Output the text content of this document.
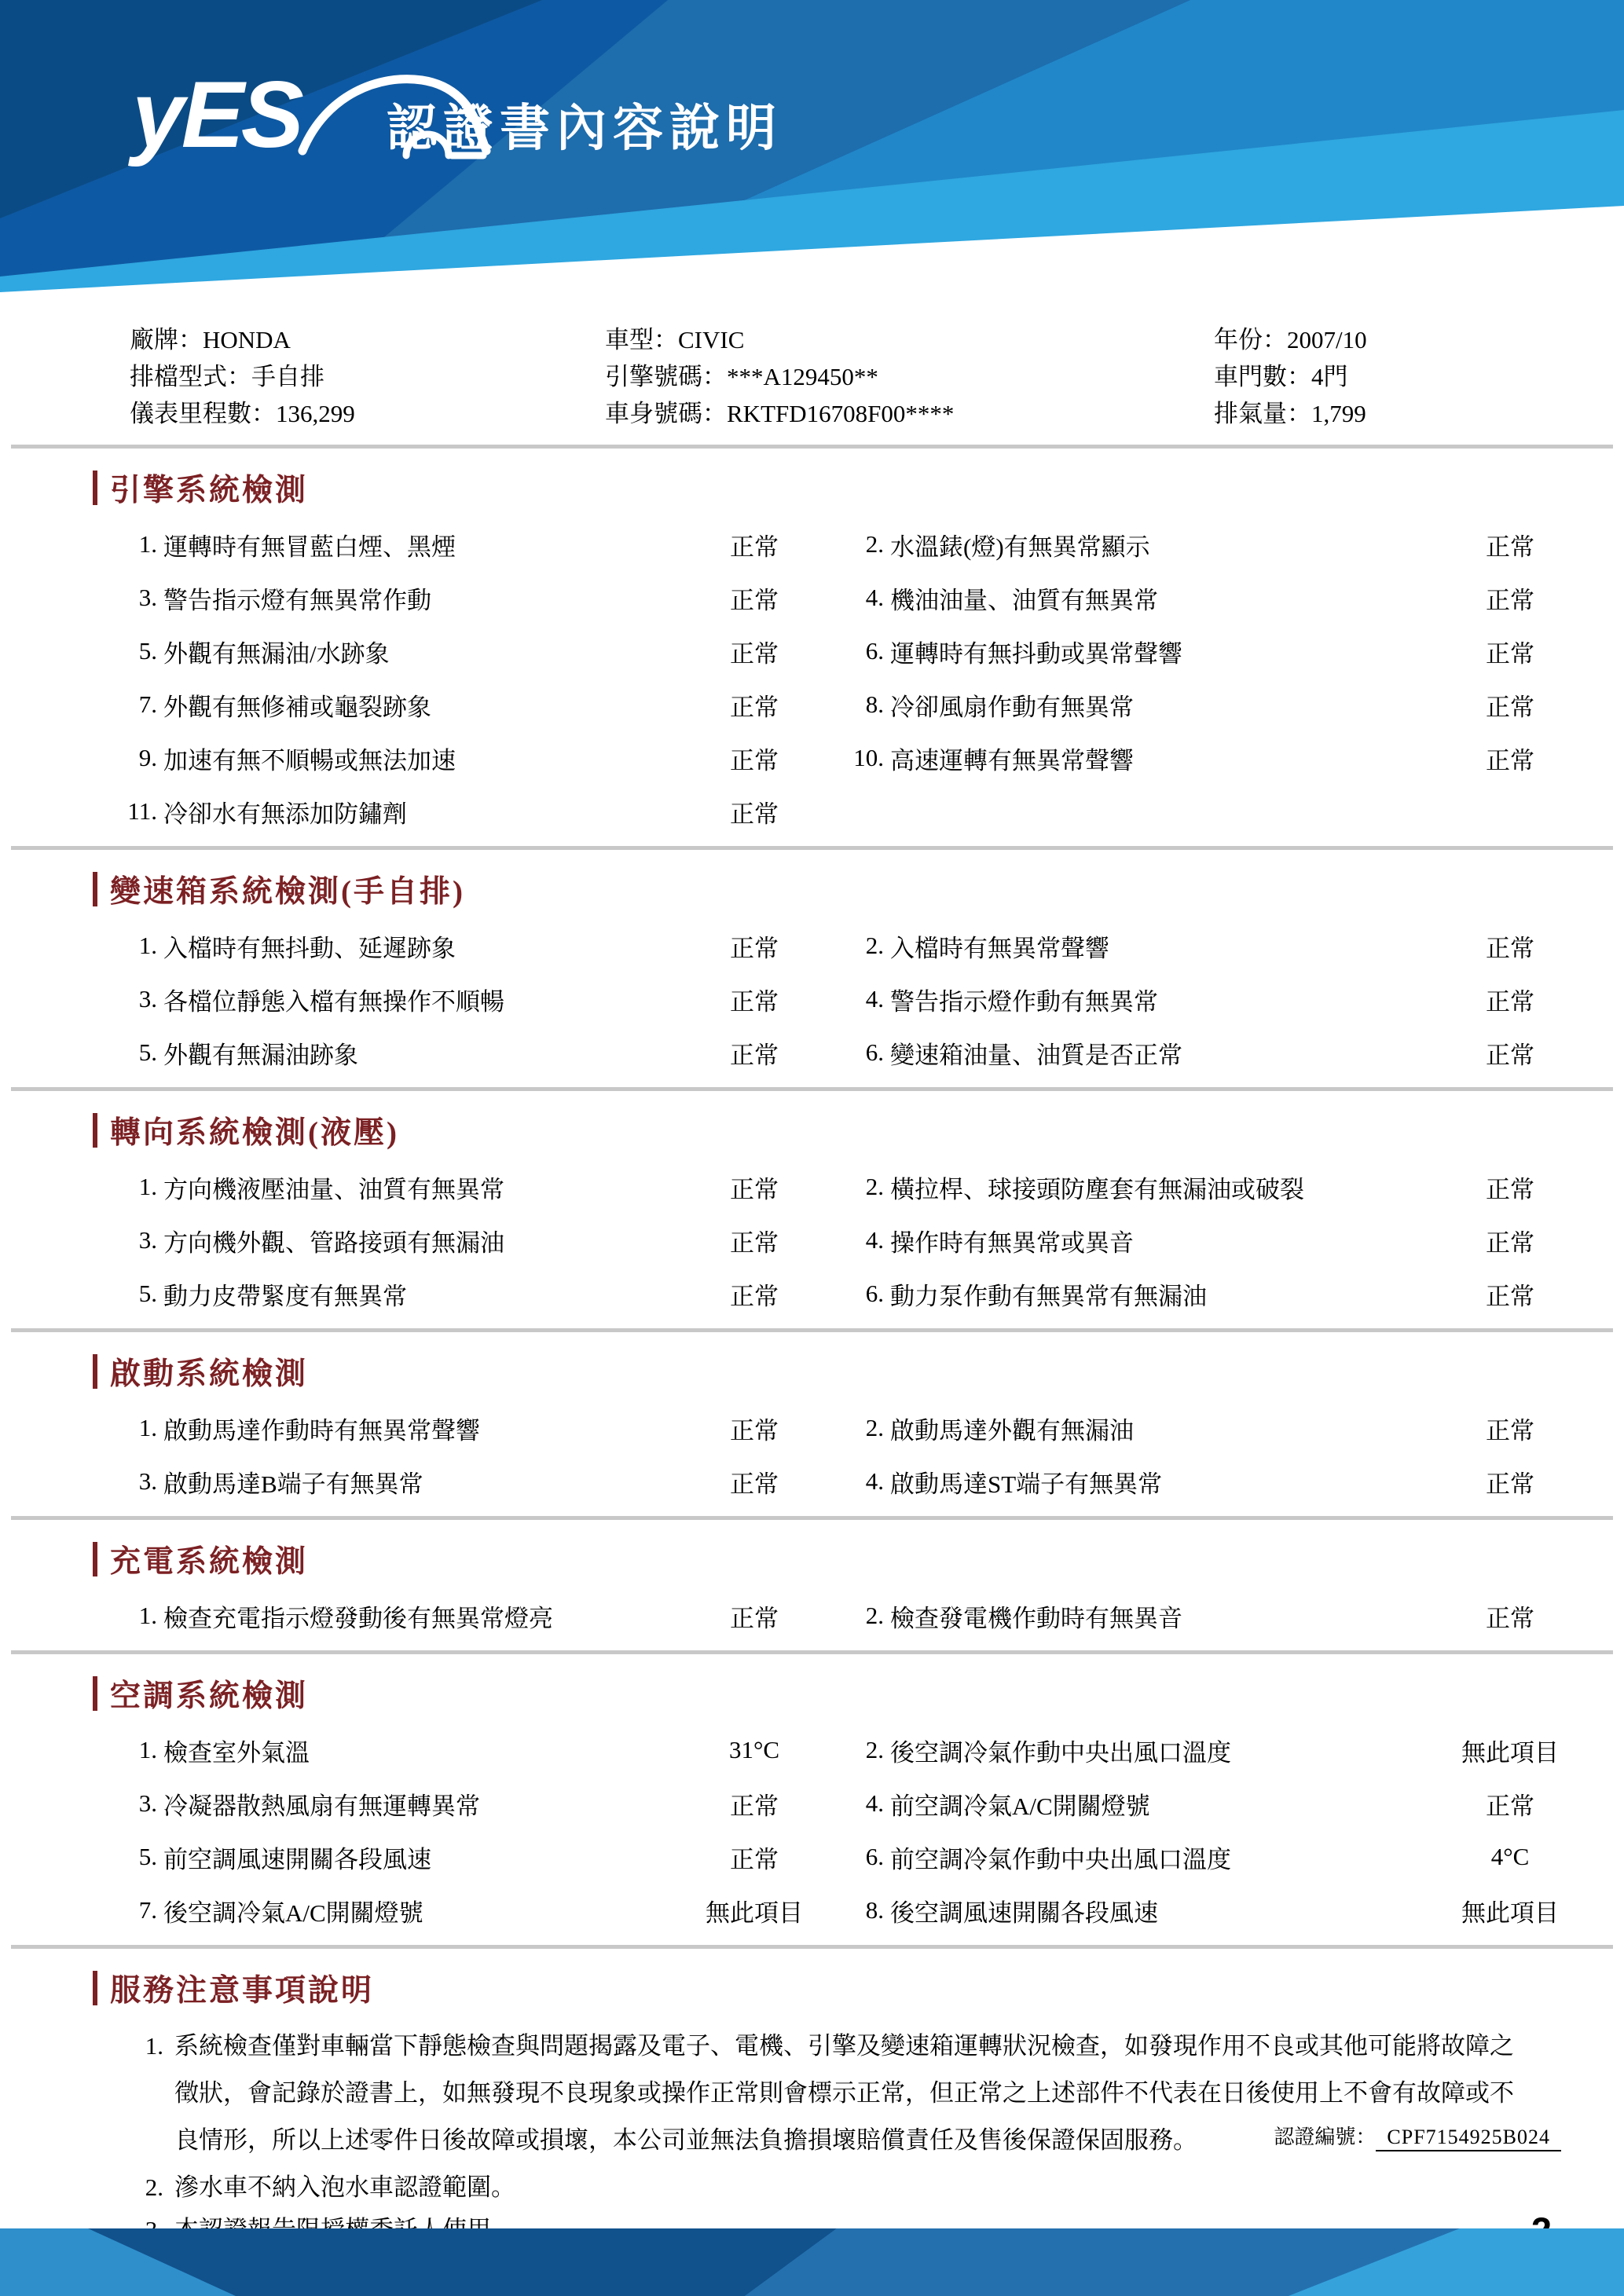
yES 認證書內容說明
廠牌：HONDA	車型：CIVIC	年份：2007/10
排檔型式：手自排	引擎號碼：***A129450**	車門數：4門
儀表里程數：136,299	車身號碼：RKTFD16708F00****	排氣量：1,799
引擎系統檢測
1. 運轉時有無冒藍白煙、黑煙	正常	2. 水溫錶(燈)有無異常顯示	正常
3. 警告指示燈有無異常作動	正常	4. 機油油量、油質有無異常	正常
5. 外觀有無漏油/水跡象	正常	6. 運轉時有無抖動或異常聲響	正常
7. 外觀有無修補或龜裂跡象	正常	8. 冷卻風扇作動有無異常	正常
9. 加速有無不順暢或無法加速	正常	10. 高速運轉有無異常聲響	正常
11. 冷卻水有無添加防鏽劑	正常
變速箱系統檢測(手自排)
1. 入檔時有無抖動、延遲跡象	正常	2. 入檔時有無異常聲響	正常
3. 各檔位靜態入檔有無操作不順暢	正常	4. 警告指示燈作動有無異常	正常
5. 外觀有無漏油跡象	正常	6. 變速箱油量、油質是否正常	正常
轉向系統檢測(液壓)
1. 方向機液壓油量、油質有無異常	正常	2. 橫拉桿、球接頭防塵套有無漏油或破裂	正常
3. 方向機外觀、管路接頭有無漏油	正常	4. 操作時有無異常或異音	正常
5. 動力皮帶緊度有無異常	正常	6. 動力泵作動有無異常有無漏油	正常
啟動系統檢測
1. 啟動馬達作動時有無異常聲響	正常	2. 啟動馬達外觀有無漏油	正常
3. 啟動馬達B端子有無異常	正常	4. 啟動馬達ST端子有無異常	正常
充電系統檢測
1. 檢查充電指示燈發動後有無異常燈亮	正常	2. 檢查發電機作動時有無異音	正常
空調系統檢測
1. 檢查室外氣溫	31°C	2. 後空調冷氣作動中央出風口溫度	無此項目
3. 冷凝器散熱風扇有無運轉異常	正常	4. 前空調冷氣A/C開關燈號	正常
5. 前空調風速開關各段風速	正常	6. 前空調冷氣作動中央出風口溫度	4°C
7. 後空調冷氣A/C開關燈號	無此項目	8. 後空調風速開關各段風速	無此項目
服務注意事項說明
1. 系統檢查僅對車輛當下靜態檢查與問題揭露及電子、電機、引擎及變速箱運轉狀況檢查，如發現作用不良或其他可能將故障之徵狀，會記錄於證書上，如無發現不良現象或操作正常則會標示正常，但正常之上述部件不代表在日後使用上不會有故障或不良情形，所以上述零件日後故障或損壞，本公司並無法負擔損壞賠償責任及售後保證保固服務。
2. 滲水車不納入泡水車認證範圍。
認證編號： CPF7154925B024
